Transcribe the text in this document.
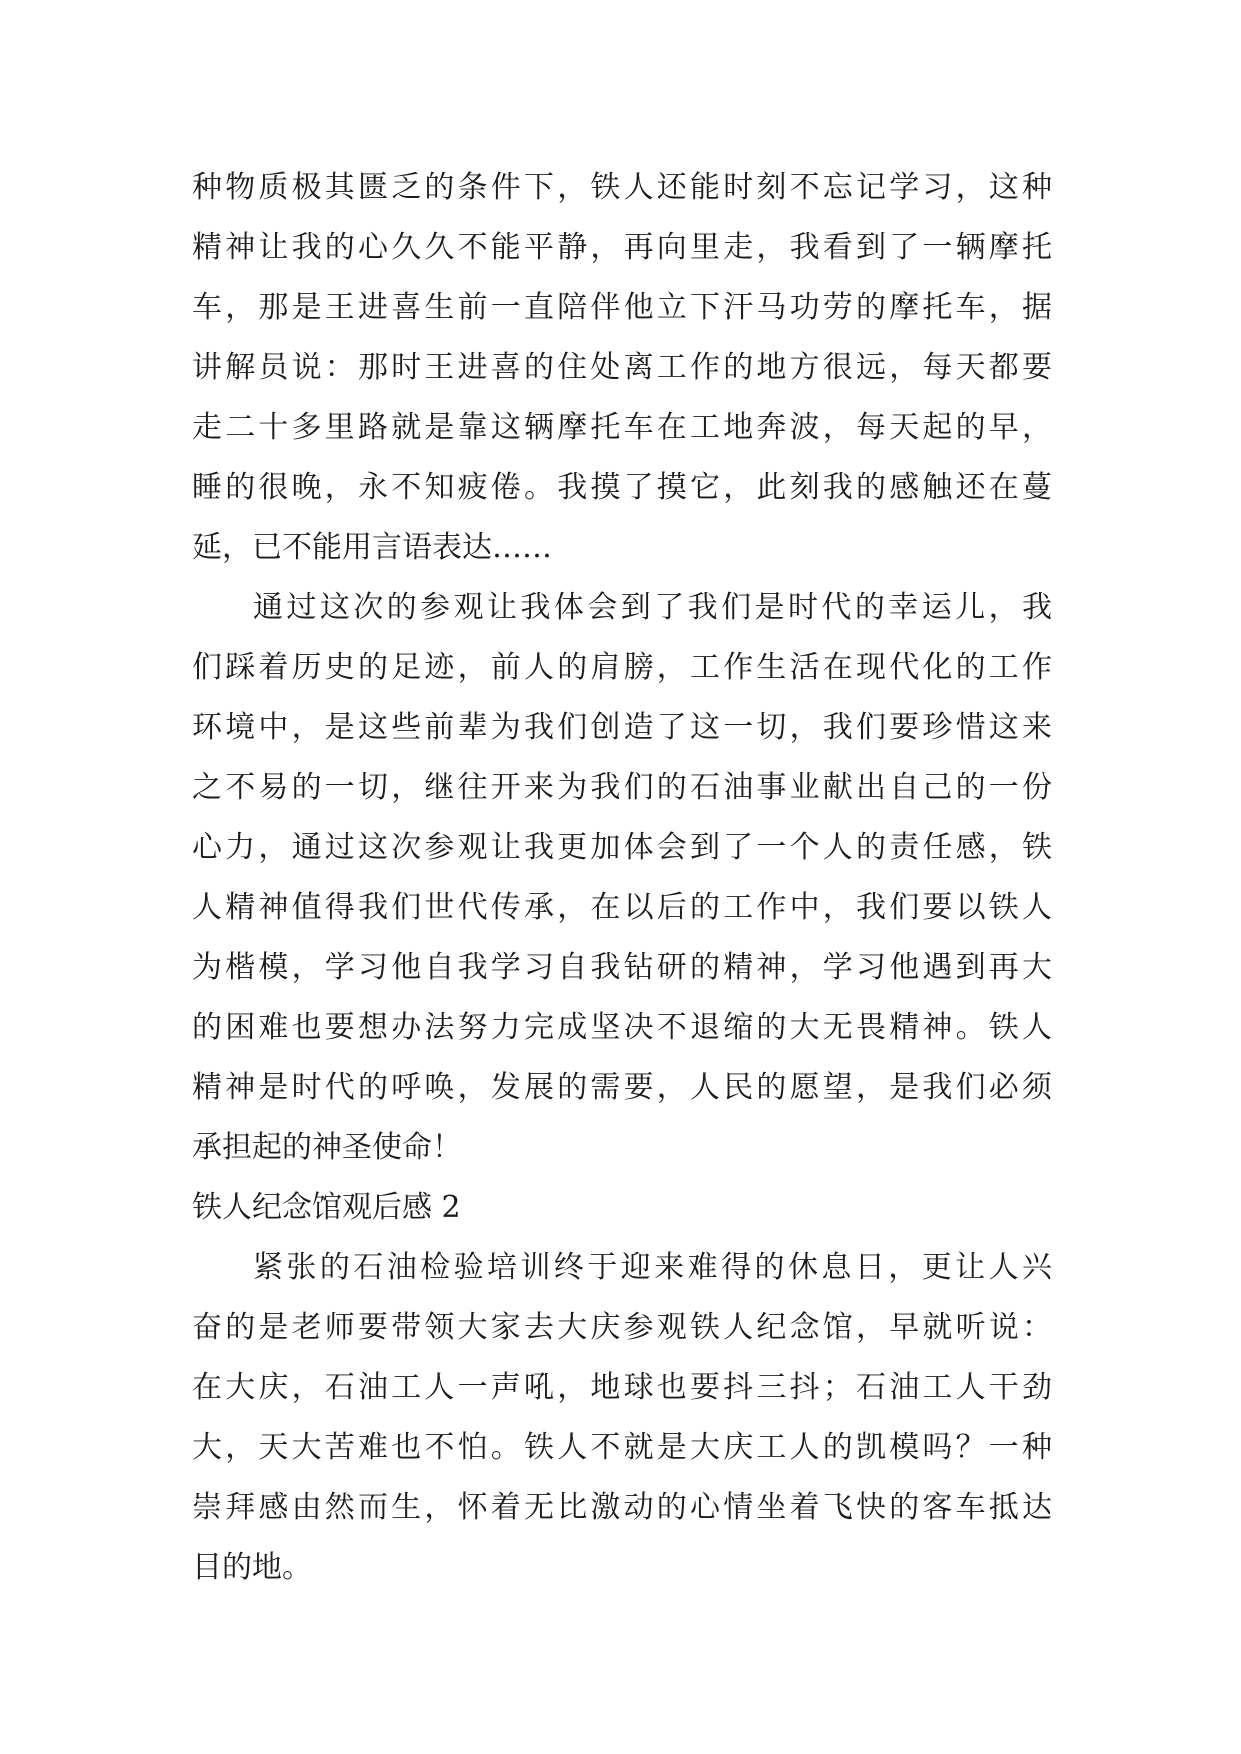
种物质极其匮乏的条件下，铁人还能时刻不忘记学习，这种
精神让我的心久久不能平静，再向里走，我看到了一辆摩托
车，那是王进喜生前一直陪伴他立下汗马功劳的摩托车，据
讲解员说：那时王进喜的住处离工作的地方很远，每天都要
走二十多里路就是靠这辆摩托车在工地奔波，每天起的早，
睡的很晚，永不知疲倦。我摸了摸它，此刻我的感触还在蔓
延，已不能用言语表达……
通过这次的参观让我体会到了我们是时代的幸运儿，我
们踩着历史的足迹，前人的肩膀，工作生活在现代化的工作
环境中，是这些前辈为我们创造了这一切，我们要珍惜这来
之不易的一切，继往开来为我们的石油事业献出自己的一份
心力，通过这次参观让我更加体会到了一个人的责任感，铁
人精神值得我们世代传承，在以后的工作中，我们要以铁人
为楷模，学习他自我学习自我钻研的精神，学习他遇到再大
的困难也要想办法努力完成坚决不退缩的大无畏精神。铁人
精神是时代的呼唤，发展的需要，人民的愿望，是我们必须
承担起的神圣使命！
铁人纪念馆观后感 2
紧张的石油检验培训终于迎来难得的休息日，更让人兴
奋的是老师要带领大家去大庆参观铁人纪念馆，早就听说：
在大庆，石油工人一声吼，地球也要抖三抖；石油工人干劲
大，天大苦难也不怕。铁人不就是大庆工人的凯模吗？一种
崇拜感由然而生，怀着无比激动的心情坐着飞快的客车抵达
目的地。
